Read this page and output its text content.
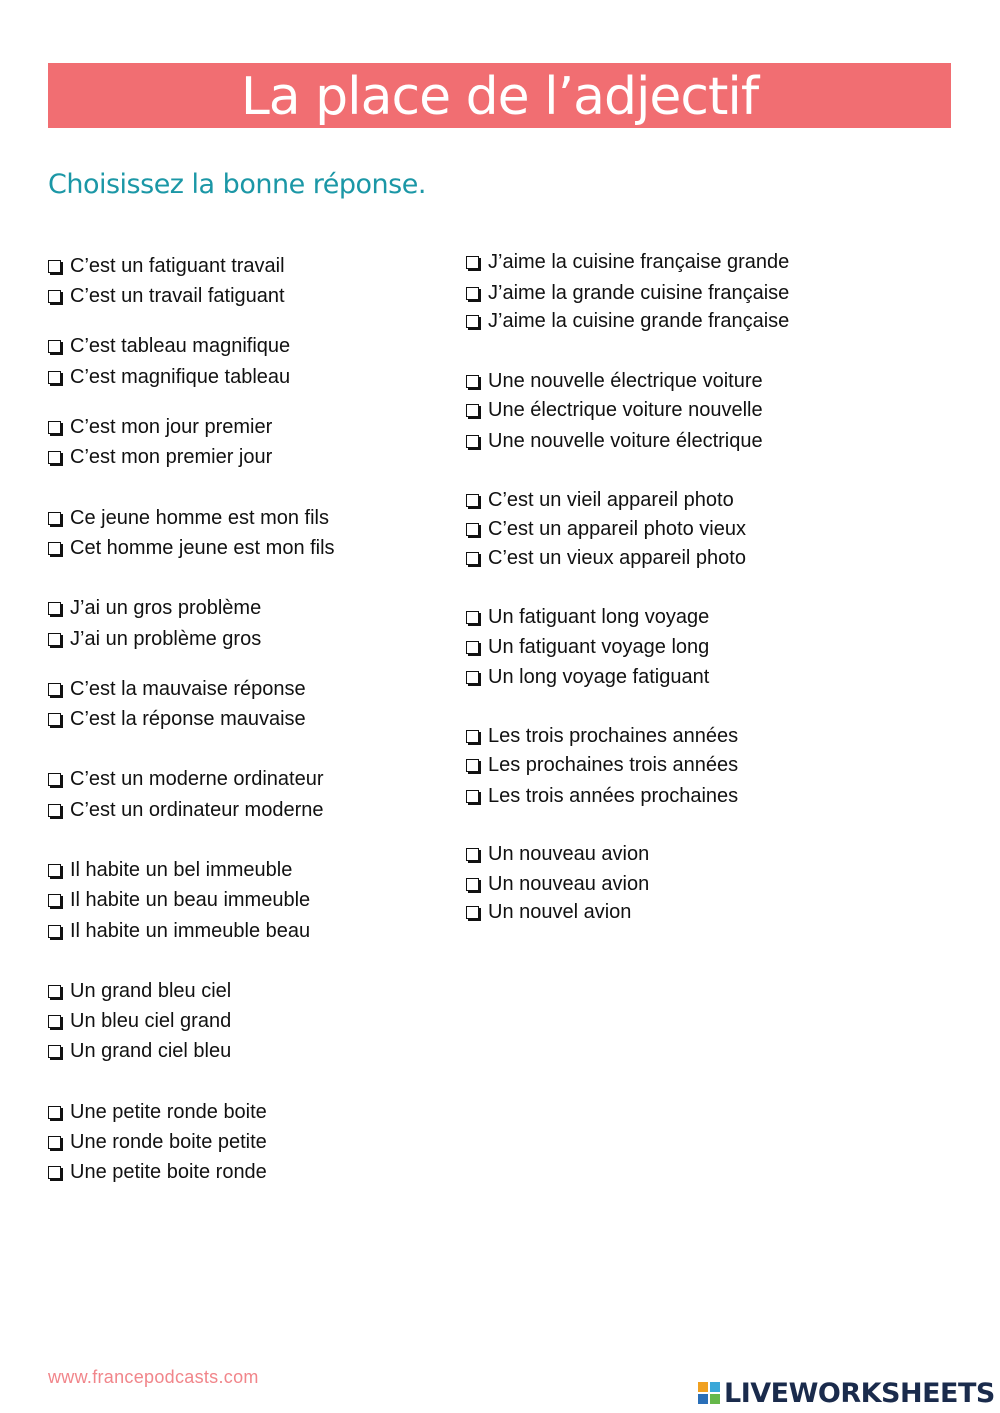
La place de l’adjectif
Choisissez la bonne réponse.
C’est un fatiguant travail
C’est un travail fatiguant
C’est tableau magnifique
C’est magnifique tableau
C’est mon jour premier
C’est mon premier jour
Ce jeune homme est mon fils
Cet homme jeune est mon fils
J’ai un gros problème
J’ai un problème gros
C’est la mauvaise réponse
C’est la réponse mauvaise
C’est un moderne ordinateur
C’est un ordinateur moderne
Il habite un bel immeuble
Il habite un beau immeuble
Il habite un immeuble beau
Un grand bleu ciel
Un bleu ciel grand
Un grand ciel bleu
Une petite ronde boite
Une ronde boite petite
Une petite boite ronde
J’aime la cuisine française grande
J’aime la grande cuisine française
J’aime la cuisine grande française
Une nouvelle électrique voiture
Une électrique voiture nouvelle
Une nouvelle voiture électrique
C’est un vieil appareil photo
C’est un appareil photo vieux
C’est un vieux appareil photo
Un fatiguant long voyage
Un fatiguant voyage long
Un long voyage fatiguant
Les trois prochaines années
Les prochaines trois années
Les trois années prochaines
Un nouveau avion
Un nouveau avion
Un nouvel avion
www.francepodcasts.com
LIVEWORKSHEETS
